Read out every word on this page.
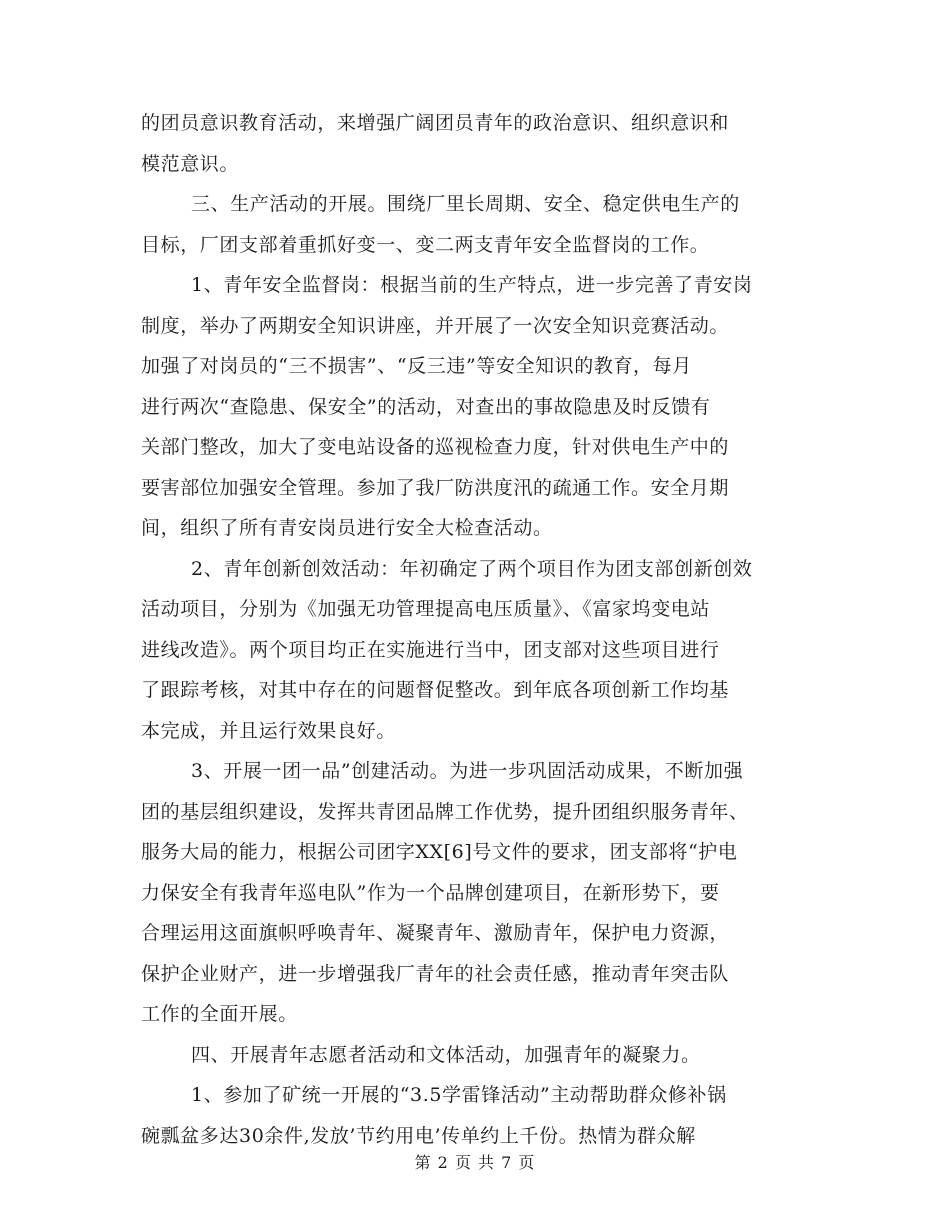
的团员意识教育活动，来增强广阔团员青年的政治意识、组织意识和
模范意识。
三、生产活动的开展。围绕厂里长周期、安全、稳定供电生产的
目标，厂团支部着重抓好变一、变二两支青年安全监督岗的工作。
1、青年安全监督岗：根据当前的生产特点，进一步完善了青安岗
制度，举办了两期安全知识讲座，并开展了一次安全知识竞赛活动。
加强了对岗员的“三不损害”、“反三违”等安全知识的教育，每月
进行两次“查隐患、保安全”的活动，对查出的事故隐患及时反馈有
关部门整改，加大了变电站设备的巡视检查力度，针对供电生产中的
要害部位加强安全管理。参加了我厂防洪度汛的疏通工作。安全月期
间，组织了所有青安岗员进行安全大检查活动。
2、青年创新创效活动：年初确定了两个项目作为团支部创新创效
活动项目，分别为《加强无功管理提高电压质量》、《富家坞变电站
进线改造》。两个项目均正在实施进行当中，团支部对这些项目进行
了跟踪考核，对其中存在的问题督促整改。到年底各项创新工作均基
本完成，并且运行效果良好。
3、开展一团一品”创建活动。为进一步巩固活动成果，不断加强
团的基层组织建设，发挥共青团品牌工作优势，提升团组织服务青年、
服务大局的能力，根据公司团字XX[6]号文件的要求，团支部将“护电
力保安全有我青年巡电队”作为一个品牌创建项目，在新形势下，要
合理运用这面旗帜呼唤青年、凝聚青年、激励青年，保护电力资源，
保护企业财产，进一步增强我厂青年的社会责任感，推动青年突击队
工作的全面开展。
四、开展青年志愿者活动和文体活动，加强青年的凝聚力。
1、参加了矿统一开展的“3.5学雷锋活动”主动帮助群众修补锅
碗瓢盆多达30余件,发放’节约用电’传单约上千份。热情为群众解
第 2 页 共 7 页
